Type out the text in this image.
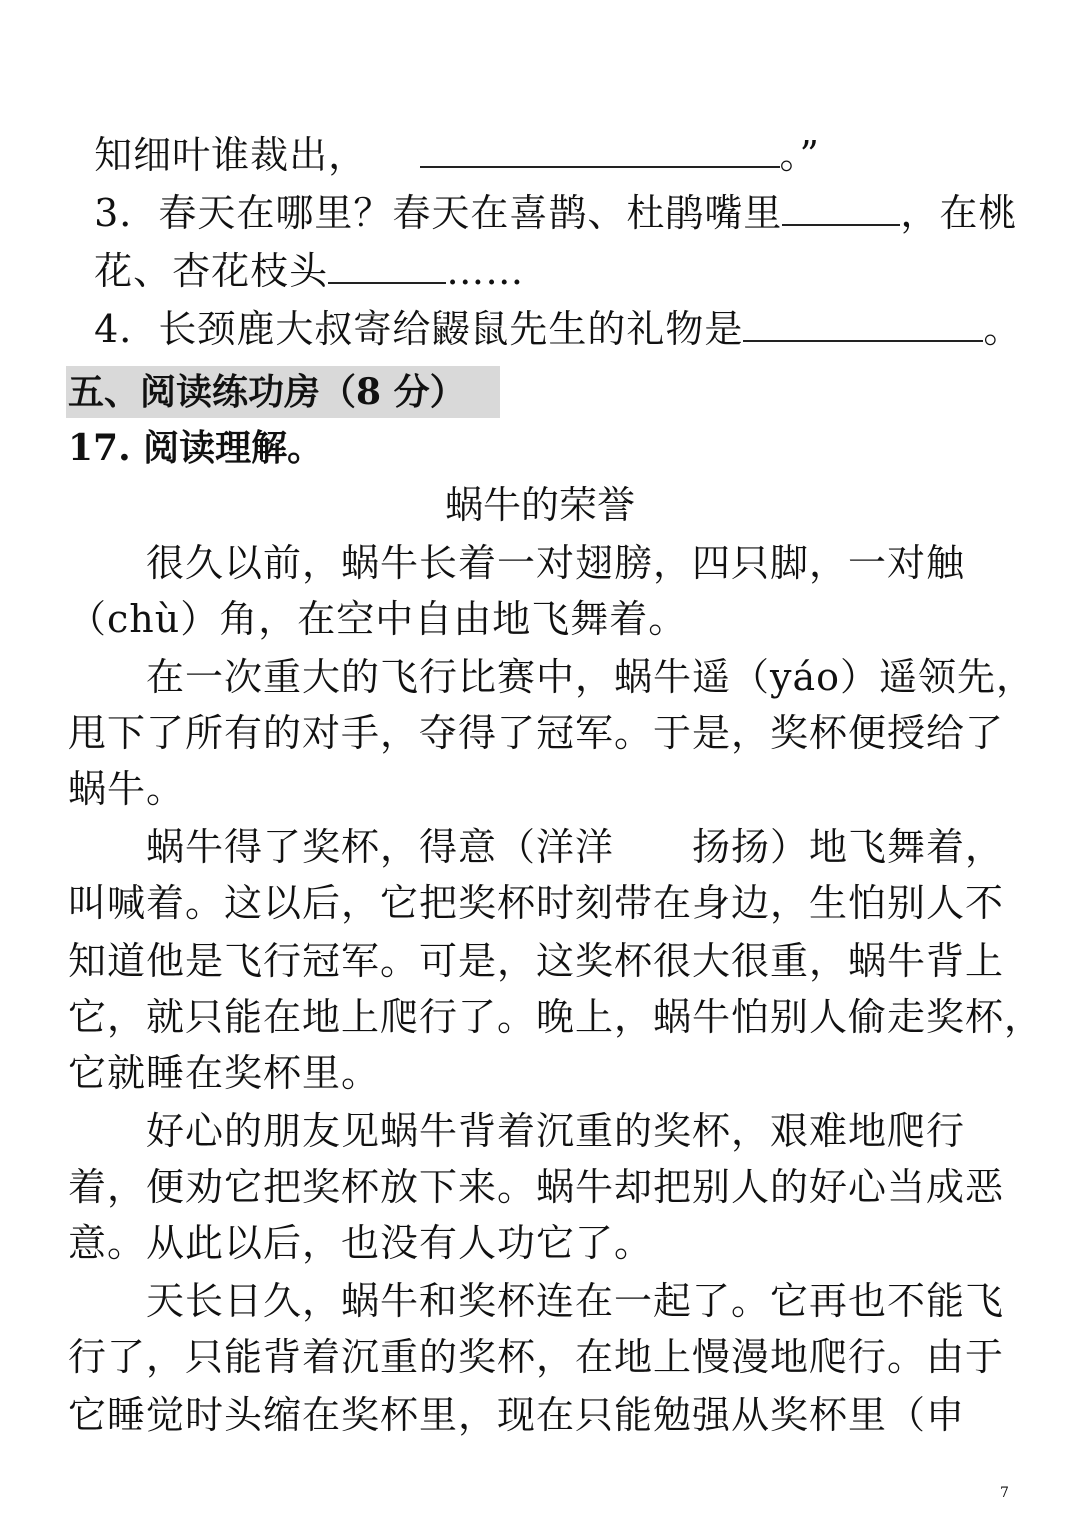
知细叶谁裁出，	。”

3．春天在哪里？春天在喜鹊、杜鹃嘴里	，在桃

花、杏花枝头	……

4．长颈鹿大叔寄给鼹鼠先生的礼物是	。

五、阅读练功房（8 分）
17. 阅读理解。
蜗牛的荣誉
　　很久以前，蜗牛长着一对翅膀，四只脚，一对触
（chù）角，在空中自由地飞舞着。
　　在一次重大的飞行比赛中，蜗牛遥（yáo）遥领先，
甩下了所有的对手，夺得了冠军。于是，奖杯便授给了
蜗牛。
　　蜗牛得了奖杯，得意（洋洋　　扬扬）地飞舞着，
叫喊着。这以后，它把奖杯时刻带在身边，生怕别人不
知道他是飞行冠军。可是，这奖杯很大很重，蜗牛背上
它，就只能在地上爬行了。晚上，蜗牛怕别人偷走奖杯，
它就睡在奖杯里。
　　好心的朋友见蜗牛背着沉重的奖杯，艰难地爬行
着，便劝它把奖杯放下来。蜗牛却把别人的好心当成恶
意。从此以后，也没有人功它了。
　　天长日久，蜗牛和奖杯连在一起了。它再也不能飞
行了，只能背着沉重的奖杯，在地上慢漫地爬行。由于
它睡觉时头缩在奖杯里，现在只能勉强从奖杯里（申
7
